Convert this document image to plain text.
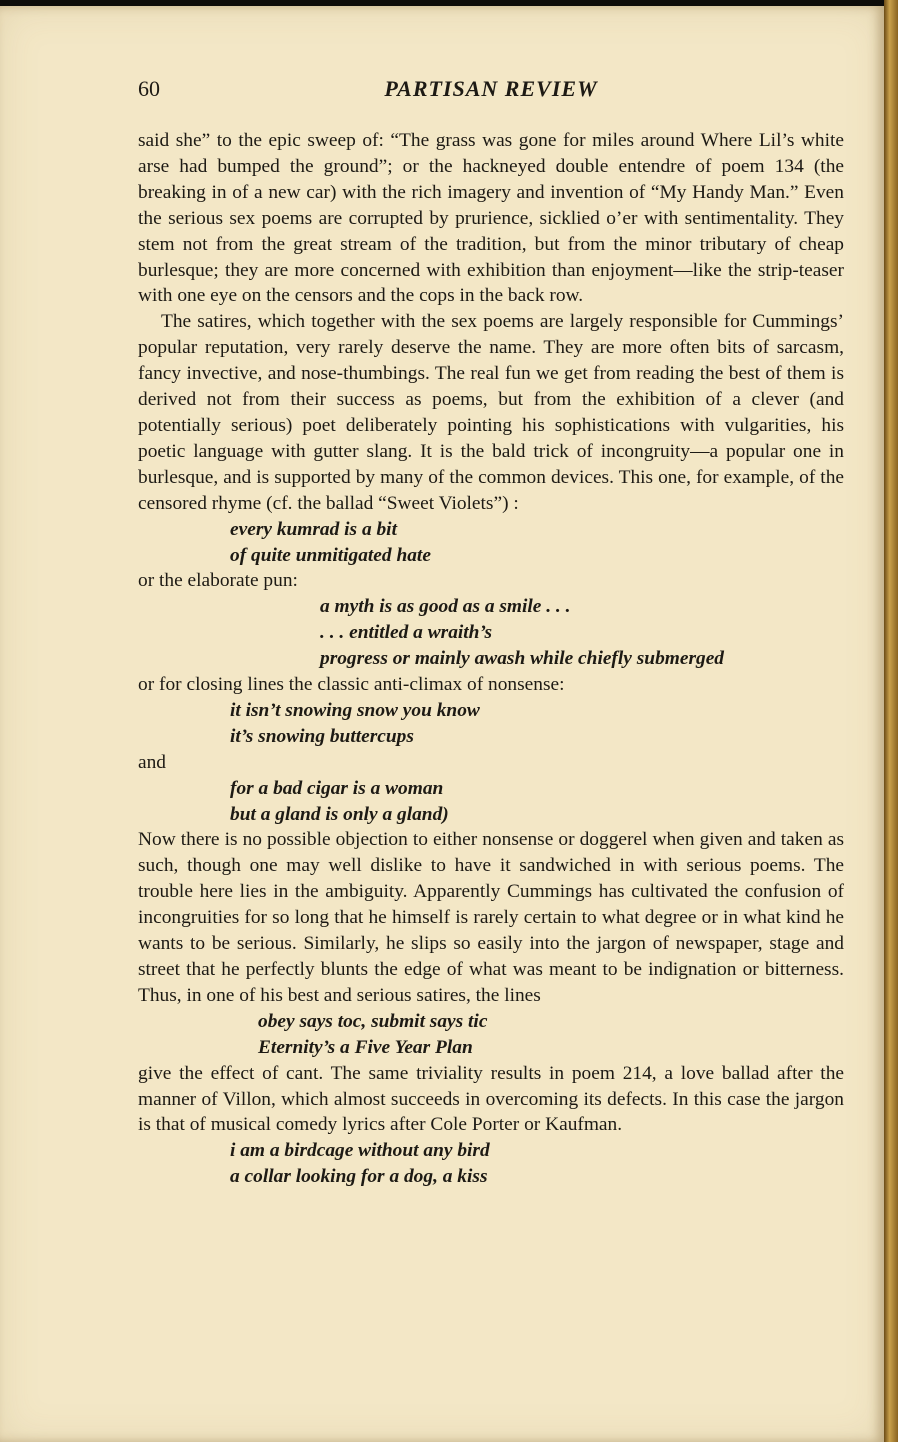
60	PARTISAN REVIEW

said she” to the epic sweep of: “The grass was gone for miles around Where Lil’s white arse had bumped the ground”; or the hackneyed double entendre of poem 134 (the breaking in of a new car) with the rich imagery and invention of “My Handy Man.” Even the serious sex poems are corrupted by prurience, sicklied o’er with sentimentality. They stem not from the great stream of the tradition, but from the minor tributary of cheap burlesque; they are more concerned with exhibition than enjoyment—like the strip-teaser with one eye on the censors and the cops in the back row.

The satires, which together with the sex poems are largely responsible for Cummings’ popular reputation, very rarely deserve the name. They are more often bits of sarcasm, fancy invective, and nose-thumbings. The real fun we get from reading the best of them is derived not from their success as poems, but from the exhibition of a clever (and potentially serious) poet deliberately pointing his sophistications with vulgarities, his poetic language with gutter slang. It is the bald trick of incongruity—a popular one in burlesque, and is supported by many of the common devices. This one, for example, of the censored rhyme (cf. the ballad “Sweet Violets”) :

every kumrad is a bit
of quite unmitigated hate

or the elaborate pun:

a myth is as good as a smile . . .
. . . entitled a wraith’s
progress or mainly awash while chiefly submerged

or for closing lines the classic anti-climax of nonsense:

it isn’t snowing snow you know
it’s snowing buttercups

and

for a bad cigar is a woman
but a gland is only a gland)

Now there is no possible objection to either nonsense or doggerel when given and taken as such, though one may well dislike to have it sandwiched in with serious poems. The trouble here lies in the ambiguity. Apparently Cummings has cultivated the confusion of incongruities for so long that he himself is rarely certain to what degree or in what kind he wants to be serious. Similarly, he slips so easily into the jargon of newspaper, stage and street that he perfectly blunts the edge of what was meant to be indignation or bitterness. Thus, in one of his best and serious satires, the lines

obey says toc, submit says tic
Eternity’s a Five Year Plan

give the effect of cant. The same triviality results in poem 214, a love ballad after the manner of Villon, which almost succeeds in overcoming its defects. In this case the jargon is that of musical comedy lyrics after Cole Porter or Kaufman.

i am a birdcage without any bird
a collar looking for a dog, a kiss
